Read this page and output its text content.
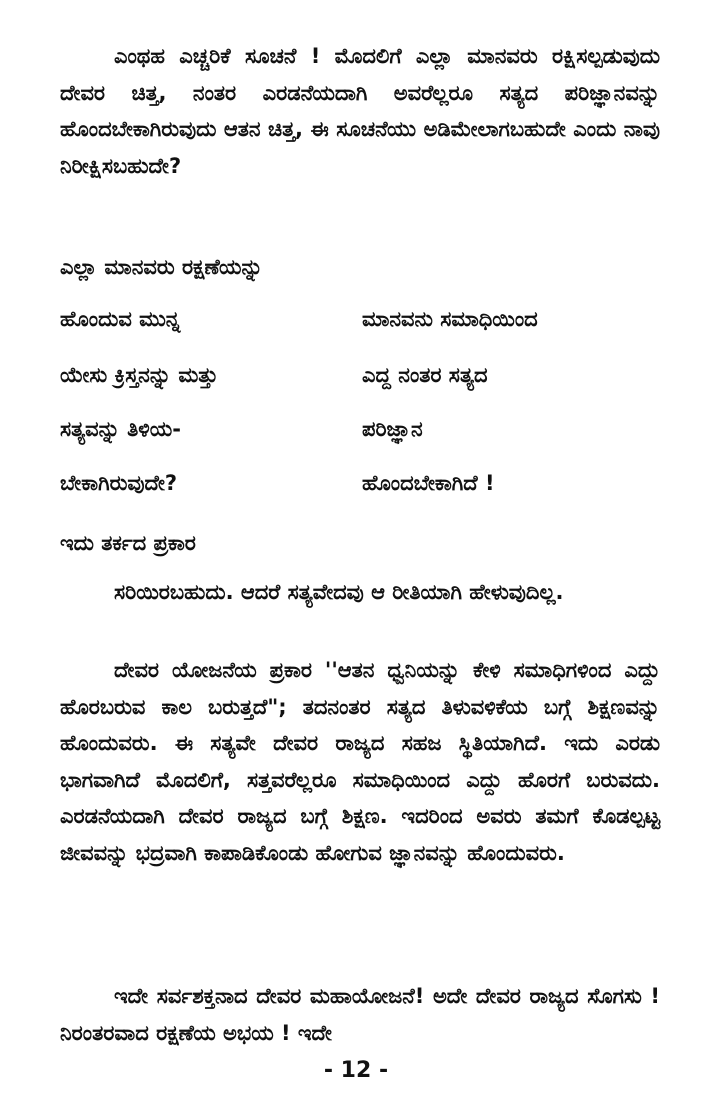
ಎಂಥಹ ಎಚ್ಚರಿಕೆ ಸೂಚನೆ ! ಮೊದಲಿಗೆ ಎಲ್ಲಾ ಮಾನವರು ರಕ್ಷಿಸಲ್ಪಡುವುದು ದೇವರ ಚಿತ್ತ, ನಂತರ ಎರಡನೆಯದಾಗಿ ಅವರೆಲ್ಲರೂ ಸತ್ಯದ ಪರಿಜ್ಞಾನವನ್ನು ಹೊಂದಬೇಕಾಗಿರುವುದು ಆತನ ಚಿತ್ತ, ಈ ಸೂಚನೆಯು ಅಡಿಮೇಲಾಗಬಹುದೇ ಎಂದು ನಾವು ನಿರೀಕ್ಷಿಸಬಹುದೇ?

ಎಲ್ಲಾ ಮಾನವರು ರಕ್ಷಣೆಯನ್ನು

ಹೊಂದುವ ಮುನ್ನ	ಮಾನವನು ಸಮಾಧಿಯಿಂದ
ಯೇಸು ಕ್ರಿಸ್ತನನ್ನು ಮತ್ತು	ಎದ್ದ ನಂತರ ಸತ್ಯದ
ಸತ್ಯವನ್ನು ತಿಳಿಯ-	ಪರಿಜ್ಞಾನ
ಬೇಕಾಗಿರುವುದೇ?	ಹೊಂದಬೇಕಾಗಿದೆ !

ಇದು ತರ್ಕದ ಪ್ರಕಾರ

ಸರಿಯಿರಬಹುದು. ಆದರೆ ಸತ್ಯವೇದವು ಆ ರೀತಿಯಾಗಿ ಹೇಳುವುದಿಲ್ಲ.

ದೇವರ ಯೋಜನೆಯ ಪ್ರಕಾರ ''ಆತನ ಧ್ವನಿಯನ್ನು ಕೇಳಿ ಸಮಾಧಿಗಳಿಂದ ಎದ್ದು ಹೊರಬರುವ ಕಾಲ ಬರುತ್ತದೆ"; ತದನಂತರ ಸತ್ಯದ ತಿಳುವಳಿಕೆಯ ಬಗ್ಗೆ ಶಿಕ್ಷಣವನ್ನು ಹೊಂದುವರು. ಈ ಸತ್ಯವೇ ದೇವರ ರಾಜ್ಯದ ಸಹಜ ಸ್ಥಿತಿಯಾಗಿದೆ. ಇದು ಎರಡು ಭಾಗವಾಗಿದೆ ಮೊದಲಿಗೆ, ಸತ್ತವರೆಲ್ಲರೂ ಸಮಾಧಿಯಿಂದ ಎದ್ದು ಹೊರಗೆ ಬರುವದು. ಎರಡನೆಯದಾಗಿ ದೇವರ ರಾಜ್ಯದ ಬಗ್ಗೆ ಶಿಕ್ಷಣ. ಇದರಿಂದ ಅವರು ತಮಗೆ ಕೊಡಲ್ಪಟ್ಟ ಜೀವವನ್ನು ಭದ್ರವಾಗಿ ಕಾಪಾಡಿಕೊಂಡು ಹೋಗುವ ಜ್ಞಾನವನ್ನು ಹೊಂದುವರು.

ಇದೇ ಸರ್ವಶಕ್ತನಾದ ದೇವರ ಮಹಾಯೋಜನೆ! ಅದೇ ದೇವರ ರಾಜ್ಯದ ಸೊಗಸು ! ನಿರಂತರವಾದ ರಕ್ಷಣೆಯ ಅಭಯ ! ಇದೇ

- 12 -
